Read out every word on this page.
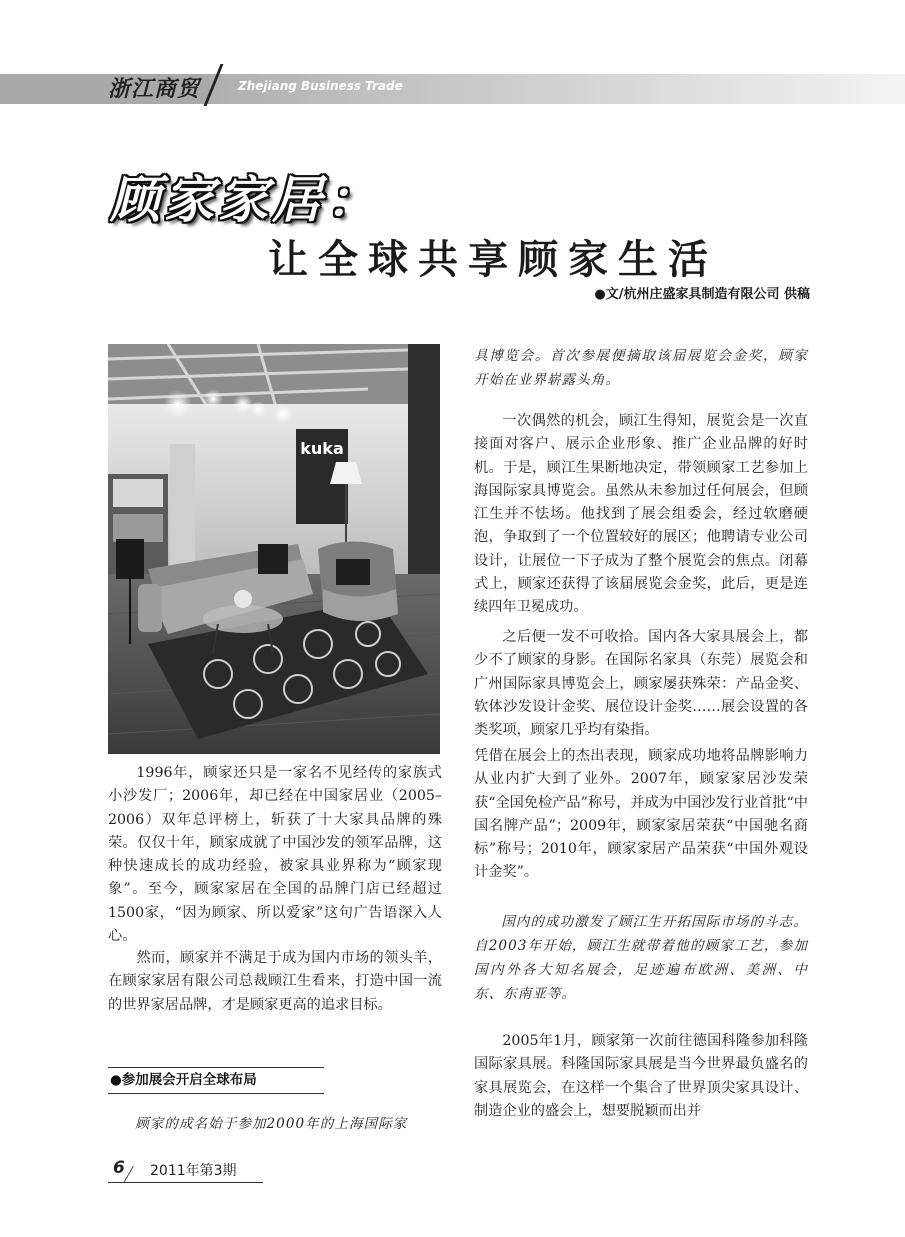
浙江商贸	Zhejiang Business Trade
顾家家居：
让全球共享顾家生活
●文/杭州庄盛家具制造有限公司 供稿
kuka

1996年，顾家还只是一家名不见经传的家族式小沙发厂；2006年，却已经在中国家居业（2005–2006）双年总评榜上，斩获了十大家具品牌的殊荣。仅仅十年，顾家成就了中国沙发的领军品牌，这种快速成长的成功经验，被家具业界称为“顾家现象”。至今，顾家家居在全国的品牌门店已经超过1500家，“因为顾家、所以爱家”这句广告语深入人心。

然而，顾家并不满足于成为国内市场的领头羊，在顾家家居有限公司总裁顾江生看来，打造中国一流的世界家居品牌，才是顾家更高的追求目标。

●参加展会开启全球布局

顾家的成名始于参加2000年的上海国际家

具博览会。首次参展便摘取该届展览会金奖，顾家开始在业界崭露头角。

一次偶然的机会，顾江生得知，展览会是一次直接面对客户、展示企业形象、推广企业品牌的好时机。于是，顾江生果断地决定，带领顾家工艺参加上海国际家具博览会。虽然从未参加过任何展会，但顾江生并不怯场。他找到了展会组委会，经过软磨硬泡，争取到了一个位置较好的展区；他聘请专业公司设计，让展位一下子成为了整个展览会的焦点。闭幕式上，顾家还获得了该届展览会金奖，此后，更是连续四年卫冕成功。

之后便一发不可收拾。国内各大家具展会上，都少不了顾家的身影。在国际名家具（东莞）展览会和广州国际家具博览会上，顾家屡获殊荣：产品金奖、软体沙发设计金奖、展位设计金奖……展会设置的各类奖项，顾家几乎均有染指。

凭借在展会上的杰出表现，顾家成功地将品牌影响力从业内扩大到了业外。2007年，顾家家居沙发荣获“全国免检产品”称号，并成为中国沙发行业首批“中国名牌产品”；2009年，顾家家居荣获“中国驰名商标”称号；2010年，顾家家居产品荣获“中国外观设计金奖”。

国内的成功激发了顾江生开拓国际市场的斗志。自2003年开始，顾江生就带着他的顾家工艺，参加国内外各大知名展会，足迹遍布欧洲、美洲、中东、东南亚等。

2005年1月，顾家第一次前往德国科隆参加科隆国际家具展。科隆国际家具展是当今世界最负盛名的家具展览会，在这样一个集合了世界顶尖家具设计、制造企业的盛会上，想要脱颖而出并

6 2011年第3期
